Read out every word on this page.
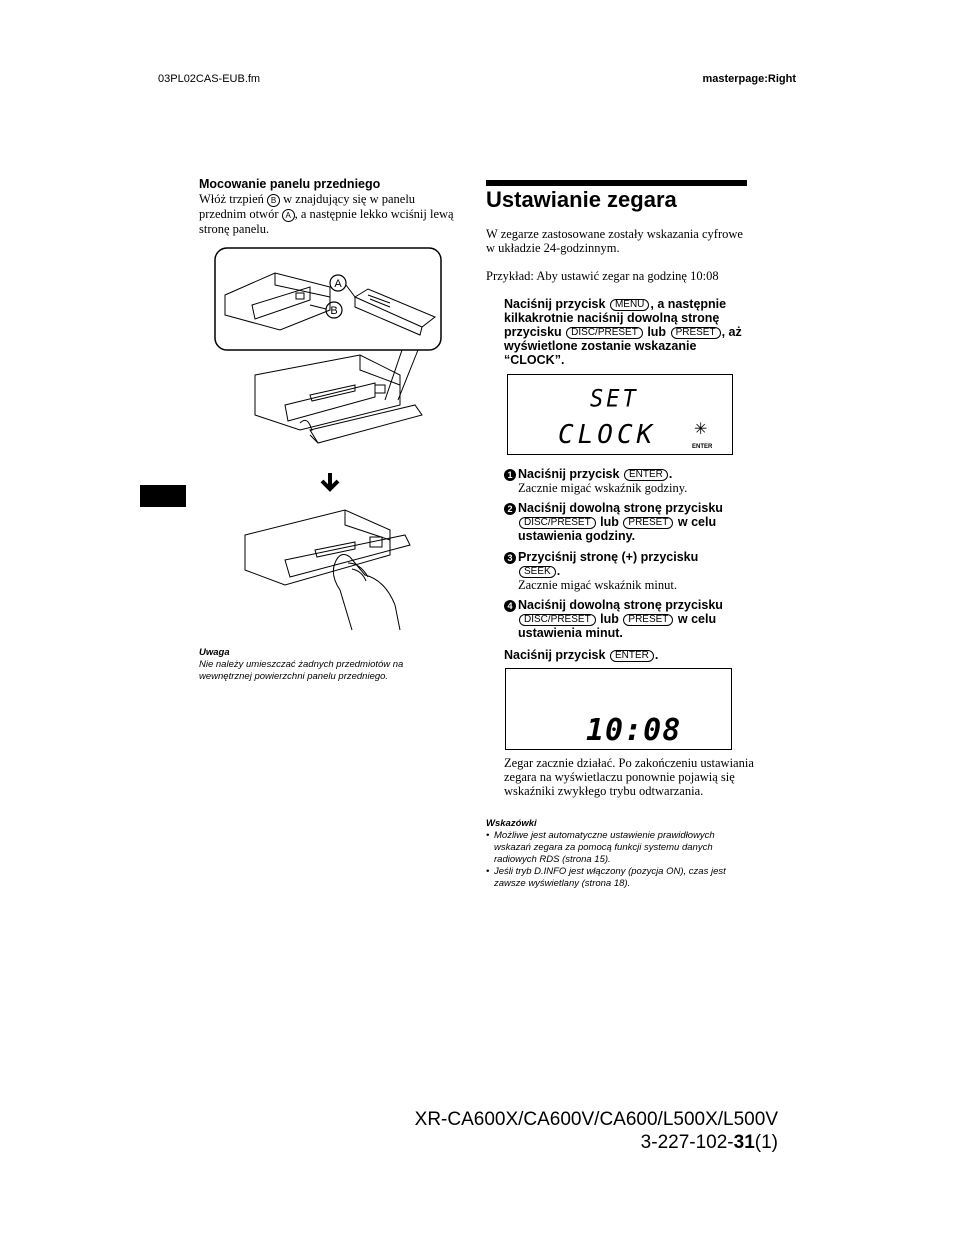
03PL02CAS-EUB.fm	masterpage:Right
Mocowanie panelu przedniego
Włóż trzpień B w znajdujący się w panelu przednim otwór A , a następnie lekko wciśnij lewą stronę panelu.
A
B
Uwaga
Nie należy umieszczać żadnych przedmiotów na wewnętrznej powierzchni panelu przedniego.
Ustawianie zegara
W zegarze zastosowane zostały wskazania cyfrowe w układzie 24-godzinnym.
Przykład: Aby ustawić zegar na godzinę 10:08
Naciśnij przycisk MENU , a następnie kilkakrotnie naciśnij dowolną stronę przycisku DISC/PRESET lub PRESET , aż wyświetlone zostanie wskazanie “CLOCK”.
SET
CLOCK ✳
ENTER
1 Naciśnij przycisk ENTER .
Zacznie migać wskaźnik godziny.
2 Naciśnij dowolną stronę przycisku
DISC/PRESET lub PRESET w celu ustawienia godziny.
3 Przyciśnij stronę (+) przycisku
SEEK .
Zacznie migać wskaźnik minut.
4 Naciśnij dowolną stronę przycisku
DISC/PRESET lub PRESET w celu ustawienia minut.
Naciśnij przycisk ENTER .
10:08
Zegar zacznie działać. Po zakończeniu ustawiania zegara na wyświetlaczu ponownie pojawią się wskaźniki zwykłego trybu odtwarzania.
Wskazówki
• Możliwe jest automatyczne ustawienie prawidłowych wskazań zegara za pomocą funkcji systemu danych radiowych RDS (strona 15).
• Jeśli tryb D.INFO jest włączony (pozycja ON), czas jest zawsze wyświetlany (strona 18).
XR-CA600X/CA600V/CA600/L500X/L500V
3-227-102-31(1)
